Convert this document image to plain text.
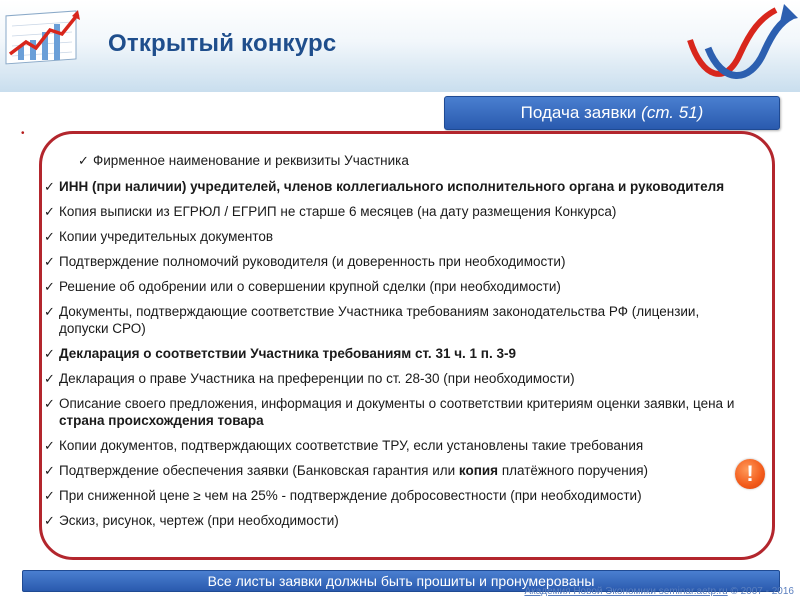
Открытый конкурс
Подача заявки (ст. 51)
•
✓ Фирменное наименование и реквизиты Участника
✓ ИНН (при наличии) учредителей, членов коллегиального исполнительного органа и руководителя
✓ Копия выписки из ЕГРЮЛ / ЕГРИП не старше 6 месяцев (на дату размещения Конкурса)
✓ Копии учредительных документов
✓ Подтверждение полномочий руководителя (и доверенность при необходимости)
✓ Решение об одобрении или о совершении крупной сделки (при необходимости)
✓ Документы, подтверждающие соответствие Участника требованиям законодательства РФ (лицензии, допуски СРО)
✓ Декларация о соответствии Участника требованиям ст. 31 ч. 1 п. 3-9
✓ Декларация о праве Участника на преференции по ст. 28-30 (при необходимости)
✓ Описание своего предложения, информация и документы о соответствии критериям оценки заявки, цена и страна происхождения товара
✓ Копии документов, подтверждающих соответствие ТРУ, если установлены такие требования
✓ Подтверждение обеспечения заявки (Банковская гарантия или копия платёжного поручения)
✓ При сниженной цене ≥ чем на 25% - подтверждение добросовестности (при необходимости)
✓ Эскиз, рисунок, чертеж (при необходимости)
!
Все листы заявки должны быть прошиты и пронумерованы
Академия Новой Экономики seminar.aetp.ru © 2007 - 2016
